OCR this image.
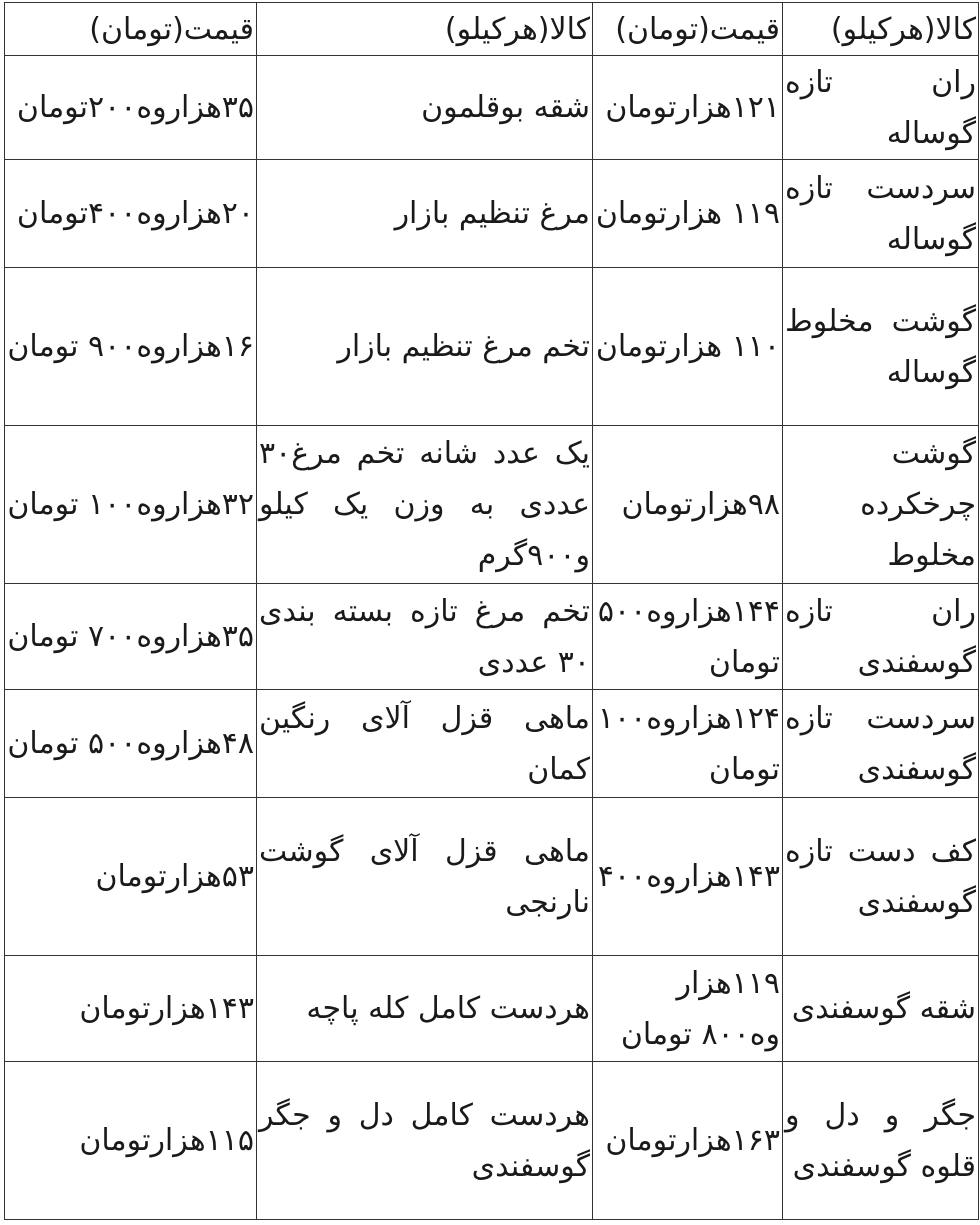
کالا(هرکیلو)	قیمت(تومان)	کالا(هرکیلو)	قیمت(تومان)
ران تازه گوساله	۱۲۱هزارتومان	شقه بوقلمون	۳۵هزاروه۲۰۰تومان
سردست تازه گوساله	۱۱۹ هزارتومان	مرغ تنظیم بازار	۲۰هزاروه۴۰۰تومان
گوشت مخلوط گوساله	۱۱۰ هزارتومان	تخم مرغ تنظیم بازار	۱۶هزاروه۹۰۰ تومان
گوشت چرخکرده مخلوط	۹۸هزارتومان	یک عدد شانه تخم مرغ۳۰ عددی به وزن یک کیلو و۹۰۰گرم	۳۲هزاروه۱۰۰ تومان
ران تازه گوسفندی	۱۴۴هزاروه۵۰۰ تومان	تخم مرغ تازه بسته بندی ۳۰ عددی	۳۵هزاروه۷۰۰ تومان
سردست تازه گوسفندی	۱۲۴هزاروه۱۰۰ تومان	ماهی قزل آلای رنگین کمان	۴۸هزاروه۵۰۰ تومان
کف دست تازه گوسفندی	۱۴۳هزاروه۴۰۰	ماهی قزل آلای گوشت نارنجی	۵۳هزارتومان
شقه گوسفندی	۱۱۹هزار وه۸۰۰ تومان	هردست کامل کله پاچه	۱۴۳هزارتومان
جگر و دل و قلوه گوسفندی	۱۶۳هزارتومان	هردست کامل دل و جگر گوسفندی	۱۱۵هزارتومان
